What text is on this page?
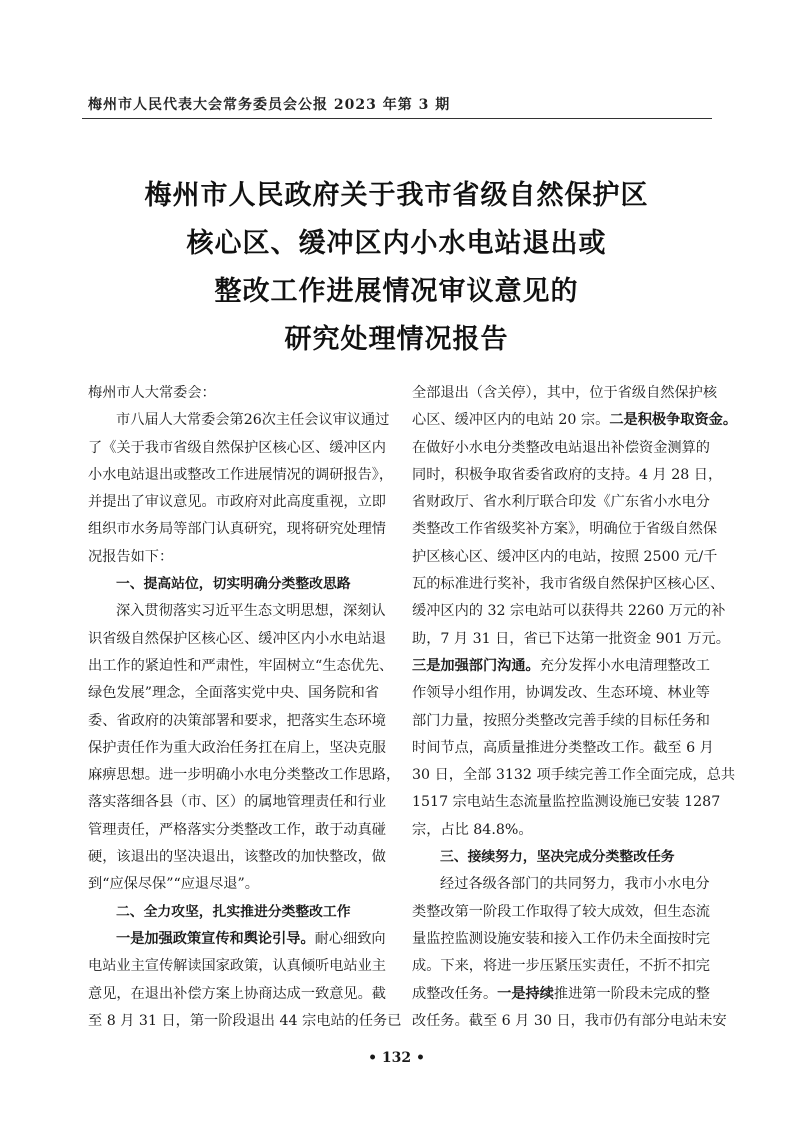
梅州市人民代表大会常务委员会公报 2023 年第 3 期
梅州市人民政府关于我市省级自然保护区
核心区、缓冲区内小水电站退出或
整改工作进展情况审议意见的
研究处理情况报告

梅州市人大常委会：

市八届人大常委会第26次主任会议审议通过

了《关于我市省级自然保护区核心区、缓冲区内

小水电站退出或整改工作进展情况的调研报告》，

并提出了审议意见。市政府对此高度重视，立即

组织市水务局等部门认真研究，现将研究处理情

况报告如下：

一、提高站位，切实明确分类整改思路

深入贯彻落实习近平生态文明思想，深刻认

识省级自然保护区核心区、缓冲区内小水电站退

出工作的紧迫性和严肃性，牢固树立“生态优先、

绿色发展”理念，全面落实党中央、国务院和省

委、省政府的决策部署和要求，把落实生态环境

保护责任作为重大政治任务扛在肩上，坚决克服

麻痹思想。进一步明确小水电分类整改工作思路，

落实落细各县（市、区）的属地管理责任和行业

管理责任，严格落实分类整改工作，敢于动真碰

硬，该退出的坚决退出，该整改的加快整改，做

到“应保尽保”“应退尽退”。

二、全力攻坚，扎实推进分类整改工作

一是加强政策宣传和舆论引导。耐心细致向

电站业主宣传解读国家政策，认真倾听电站业主

意见，在退出补偿方案上协商达成一致意见。截

至 8 月 31 日，第一阶段退出 44 宗电站的任务已

全部退出（含关停），其中，位于省级自然保护核

心区、缓冲区内的电站 20 宗。二是积极争取资金。

在做好小水电分类整改电站退出补偿资金测算的

同时，积极争取省委省政府的支持。4 月 28 日，

省财政厅、省水利厅联合印发《广东省小水电分

类整改工作省级奖补方案》，明确位于省级自然保

护区核心区、缓冲区内的电站，按照 2500 元/千

瓦的标准进行奖补，我市省级自然保护区核心区、

缓冲区内的 32 宗电站可以获得共 2260 万元的补

助，7 月 31 日，省已下达第一批资金 901 万元。

三是加强部门沟通。充分发挥小水电清理整改工

作领导小组作用，协调发改、生态环境、林业等

部门力量，按照分类整改完善手续的目标任务和

时间节点，高质量推进分类整改工作。截至 6 月

30 日，全部 3132 项手续完善工作全面完成，总共

1517 宗电站生态流量监控监测设施已安装 1287

宗，占比 84.8%。

三、接续努力，坚决完成分类整改任务

经过各级各部门的共同努力，我市小水电分

类整改第一阶段工作取得了较大成效，但生态流

量监控监测设施安装和接入工作仍未全面按时完

成。下来，将进一步压紧压实责任，不折不扣完

成整改任务。一是持续推进第一阶段未完成的整

改任务。截至 6 月 30 日，我市仍有部分电站未安

• 132 •
